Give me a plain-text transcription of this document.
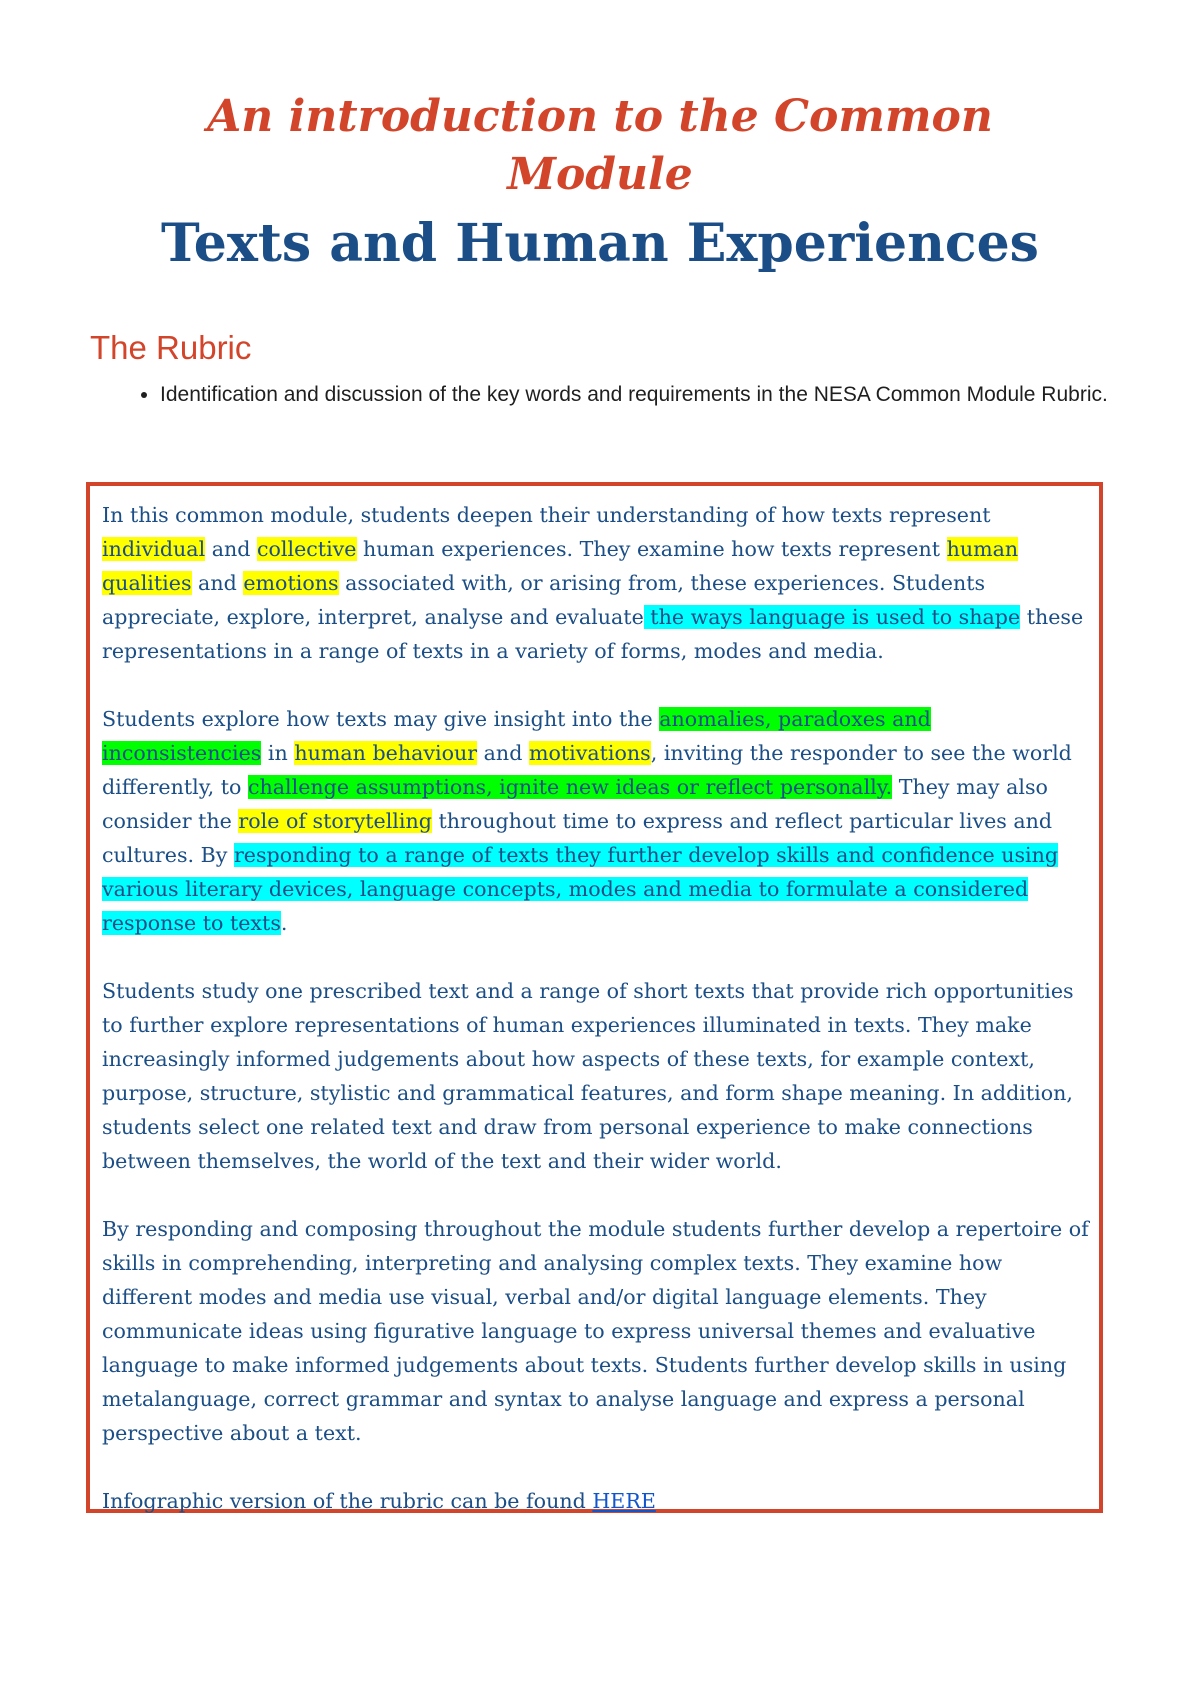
An introduction to the Common Module
Texts and Human Experiences
The Rubric
• Identification and discussion of the key words and requirements in the NESA Common Module Rubric.

In this common module, students deepen their understanding of how texts represent individual and collective human experiences. They examine how texts represent human qualities and emotions associated with, or arising from, these experiences. Students appreciate, explore, interpret, analyse and evaluate the ways language is used to shape these representations in a range of texts in a variety of forms, modes and media.

Students explore how texts may give insight into the anomalies, paradoxes and inconsistencies in human behaviour and motivations, inviting the responder to see the world differently, to challenge assumptions, ignite new ideas or reflect personally. They may also consider the role of storytelling throughout time to express and reflect particular lives and cultures. By responding to a range of texts they further develop skills and confidence using various literary devices, language concepts, modes and media to formulate a considered response to texts.

Students study one prescribed text and a range of short texts that provide rich opportunities to further explore representations of human experiences illuminated in texts. They make increasingly informed judgements about how aspects of these texts, for example context, purpose, structure, stylistic and grammatical features, and form shape meaning. In addition, students select one related text and draw from personal experience to make connections between themselves, the world of the text and their wider world.

By responding and composing throughout the module students further develop a repertoire of skills in comprehending, interpreting and analysing complex texts. They examine how different modes and media use visual, verbal and/or digital language elements. They communicate ideas using figurative language to express universal themes and evaluative language to make informed judgements about texts. Students further develop skills in using metalanguage, correct grammar and syntax to analyse language and express a personal perspective about a text.

Infographic version of the rubric can be found HERE
